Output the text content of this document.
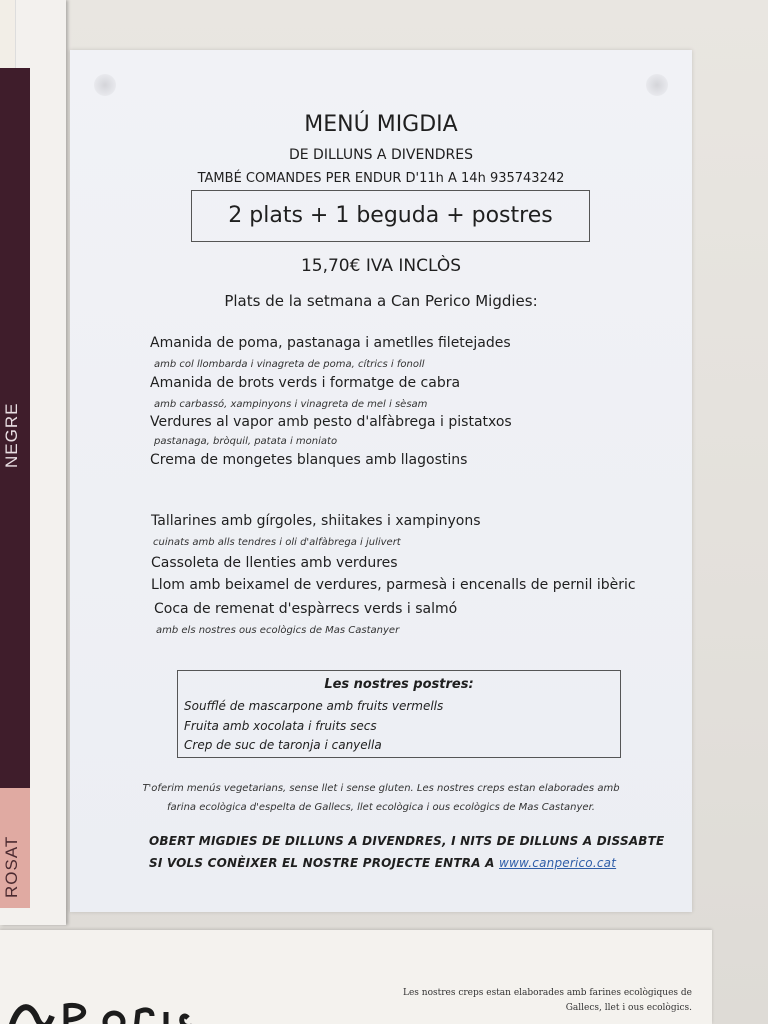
NEGRE
ROSAT
MENÚ MIGDIA
DE DILLUNS A DIVENDRES
TAMBÉ COMANDES PER ENDUR D'11h A 14h 935743242
2 plats + 1 beguda + postres
15,70€ IVA INCLÒS
Plats de la setmana a Can Perico Migdies:
Amanida de poma, pastanaga i ametlles filetejades
amb col llombarda i vinagreta de poma, cítrics i fonoll
Amanida de brots verds i formatge de cabra
amb carbassó, xampinyons i vinagreta de mel i sèsam
Verdures al vapor amb pesto d'alfàbrega i pistatxos
pastanaga, bròquil, patata i moniato
Crema de mongetes blanques amb llagostins
Tallarines amb gírgoles, shiitakes i xampinyons
cuinats amb alls tendres i oli d'alfàbrega i julivert
Cassoleta de llenties amb verdures
Llom amb beixamel de verdures, parmesà i encenalls de pernil ibèric
Coca de remenat d'espàrrecs verds i salmó
amb els nostres ous ecològics de Mas Castanyer
Les nostres postres:
Soufflé de mascarpone amb fruits vermells
Fruita amb xocolata i fruits secs
Crep de suc de taronja i canyella
T'oferim menús vegetarians, sense llet i sense gluten. Les nostres creps estan elaborades amb
farina ecològica d'espelta de Gallecs, llet ecològica i ous ecològics de Mas Castanyer.
OBERT MIGDIES DE DILLUNS A DIVENDRES, I NITS DE DILLUNS A DISSABTE
SI VOLS CONÈIXER EL NOSTRE PROJECTE ENTRA A www.canperico.cat
Les nostres creps estan elaborades amb farines ecològiques de
Gallecs, llet i ous ecològics.
